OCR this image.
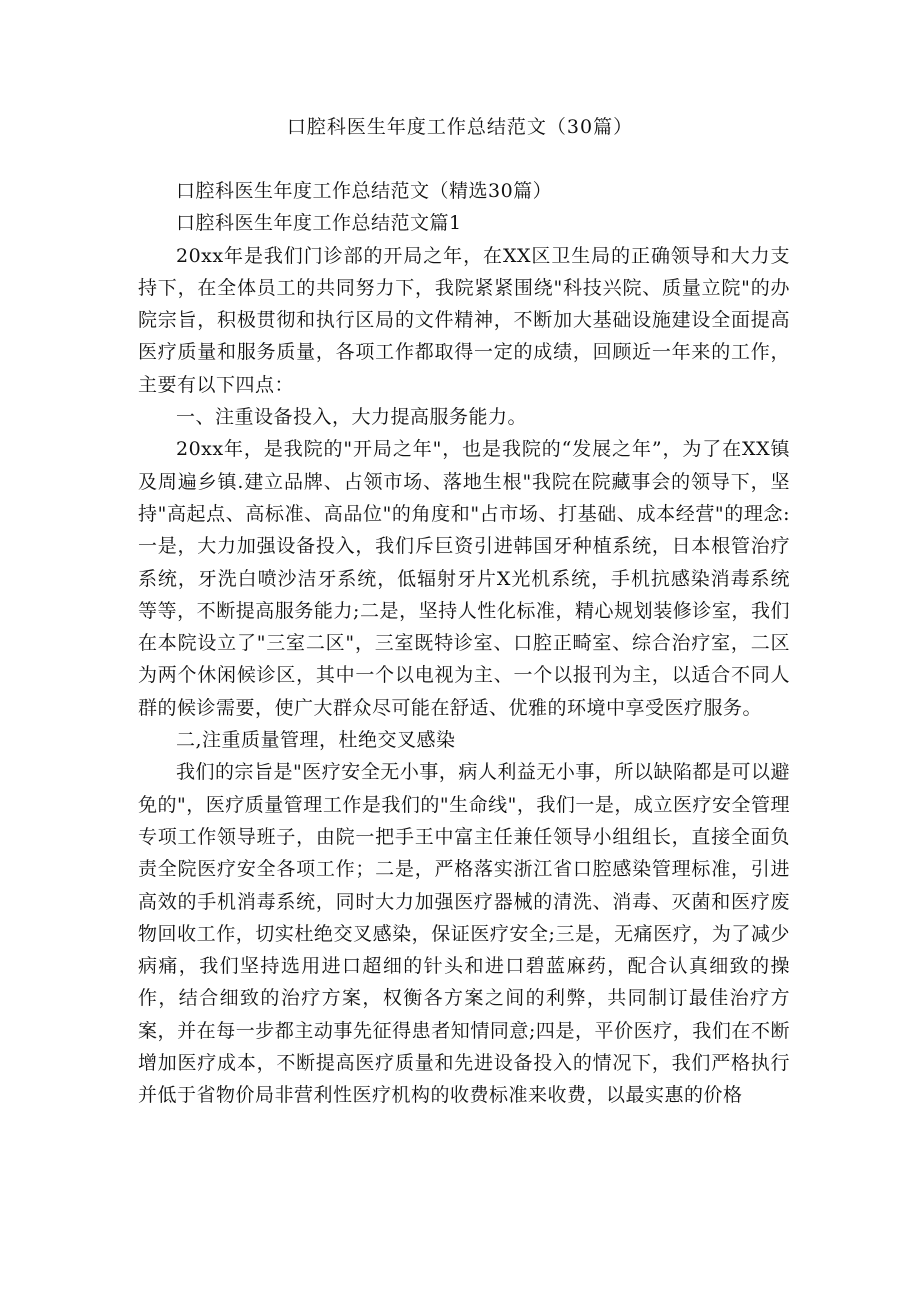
口腔科医生年度工作总结范文（30篇）

口腔科医生年度工作总结范文（精选30篇）

口腔科医生年度工作总结范文篇1

20xx年是我们门诊部的开局之年，在XX区卫生局的正确领导和大力支持下，在全体员工的共同努力下，我院紧紧围绕"科技兴院、质量立院"的办院宗旨，积极贯彻和执行区局的文件精神，不断加大基础设施建设全面提高医疗质量和服务质量，各项工作都取得一定的成绩，回顾近一年来的工作，主要有以下四点：

一、注重设备投入，大力提高服务能力。

20xx年，是我院的"开局之年"，也是我院的“发展之年”，为了在XX镇及周遍乡镇.建立品牌、占领市场、落地生根"我院在院藏事会的领导下，坚持"高起点、高标准、高品位"的角度和"占市场、打基础、成本经营"的理念:一是，大力加强设备投入，我们斥巨资引进韩国牙种植系统，日本根管治疗系统，牙洗白喷沙洁牙系统，低辐射牙片X光机系统，手机抗感染消毒系统等等，不断提高服务能力;二是，坚持人性化标准，精心规划装修诊室，我们在本院设立了"三室二区"，三室既特诊室、口腔正畸室、综合治疗室，二区为两个休闲候诊区，其中一个以电视为主、一个以报刊为主，以适合不同人群的候诊需要，使广大群众尽可能在舒适、优雅的环境中享受医疗服务。

二,注重质量管理，杜绝交叉感染

我们的宗旨是"医疗安全无小事，病人利益无小事，所以缺陷都是可以避免的"，医疗质量管理工作是我们的"生命线"，我们一是，成立医疗安全管理专项工作领导班子，由院一把手王中富主任兼任领导小组组长，直接全面负责全院医疗安全各项工作；二是，严格落实浙江省口腔感染管理标准，引进高效的手机消毒系统，同时大力加强医疗器械的清洗、消毒、灭菌和医疗废物回收工作，切实杜绝交叉感染，保证医疗安全;三是，无痛医疗，为了减少病痛，我们坚持选用进口超细的针头和进口碧蓝麻药，配合认真细致的操作，结合细致的治疗方案，权衡各方案之间的利弊，共同制订最佳治疗方案，并在每一步都主动事先征得患者知情同意;四是，平价医疗，我们在不断增加医疗成本，不断提高医疗质量和先进设备投入的情况下，我们严格执行并低于省物价局非营利性医疗机构的收费标准来收费，以最实惠的价格
